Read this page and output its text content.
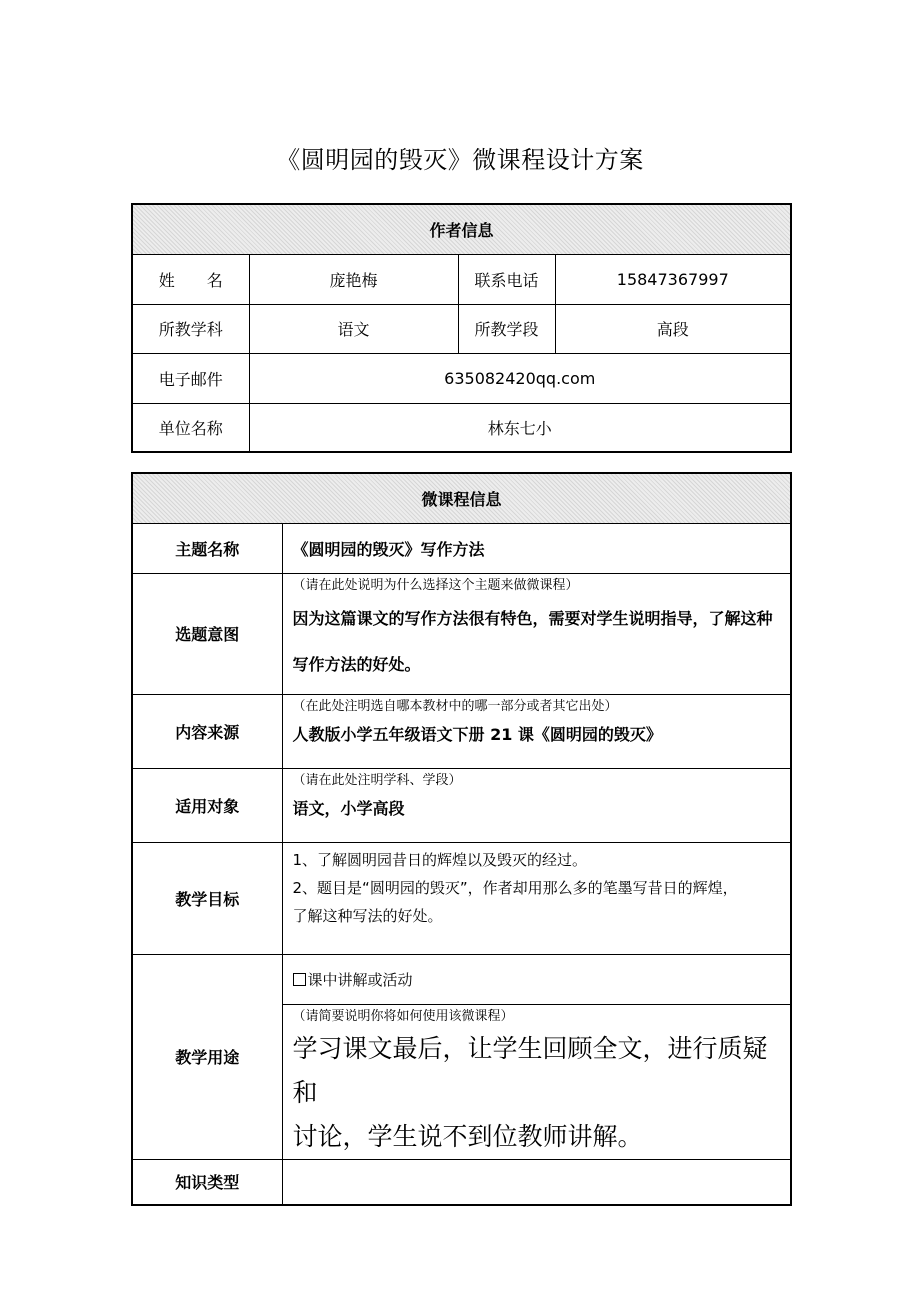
《圆明园的毁灭》微课程设计方案
作者信息			
姓　　名	庞艳梅	联系电话	15847367997
所教学科	语文	所教学段	高段
电子邮件	635082420qq.com		
单位名称	林东七小		
微课程信息	
主题名称	《圆明园的毁灭》写作方法
选题意图	（请在此处说明为什么选择这个主题来做微课程）
因为这篇课文的写作方法很有特色，需要对学生说明指导，了解这种
写作方法的好处。

内容来源	（在此处注明选自哪本教材中的哪一部分或者其它出处）
人教版小学五年级语文下册 21 课《圆明园的毁灭》

适用对象	（请在此处注明学科、学段）
语文，小学高段

教学目标	1、了解圆明园昔日的辉煌以及毁灭的经过。
2、题目是“圆明园的毁灭”，作者却用那么多的笔墨写昔日的辉煌，
了解这种写法的好处。

教学用途	课中讲解或活动

	（请简要说明你将如何使用该微课程）
学习课文最后，让学生回顾全文，进行质疑和
讨论，学生说不到位教师讲解。

知识类型	
